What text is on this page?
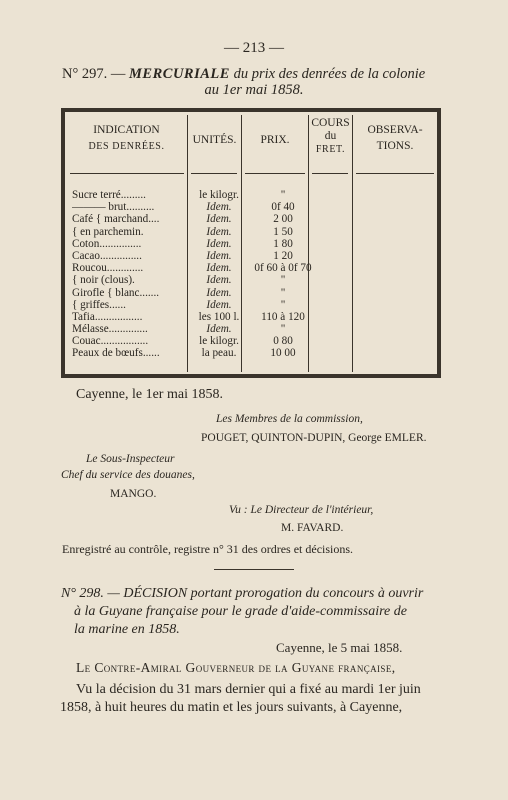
— 213 —
N° 297. — MERCURIALE du prix des denrées de la colonie
au 1er mai 1858.
INDICATION
DES DENRÉES.
UNITÉS.	PRIX.
COURS
du
FRET.
OBSERVA-
TIONS.
Sucre terré.........	le kilogr.	"
——— brut..........	Idem.	0f 40
Café { marchand....	Idem.	2 00
{ en parchemin.	Idem.	1 50
Coton...............	Idem.	1 80
Cacao...............	Idem.	1 20
Roucou.............	Idem.	0f 60 à 0f 70
{ noir (clous).	Idem.	"
Girofle { blanc.......	Idem.	"
{ griffes......	Idem.	"
Tafia.................	les 100 l.	110 à 120
Mélasse..............	Idem.	"
Couac.................	le kilogr.	0 80
Peaux de bœufs......	la peau.	10 00
Cayenne, le 1er mai 1858.
Les Membres de la commission,
POUGET, QUINTON-DUPIN, George EMLER.
Le Sous-Inspecteur
Chef du service des douanes,
MANGO.
Vu : Le Directeur de l'intérieur,
M. FAVARD.
Enregistré au contrôle, registre n° 31 des ordres et décisions.
N° 298. — DÉCISION portant prorogation du concours à ouvrir
à la Guyane française pour le grade d'aide-commissaire de
la marine en 1858.
Cayenne, le 5 mai 1858.
Le Contre-Amiral Gouverneur de la Guyane française,
Vu la décision du 31 mars dernier qui a fixé au mardi 1er juin
1858, à huit heures du matin et les jours suivants, à Cayenne,
